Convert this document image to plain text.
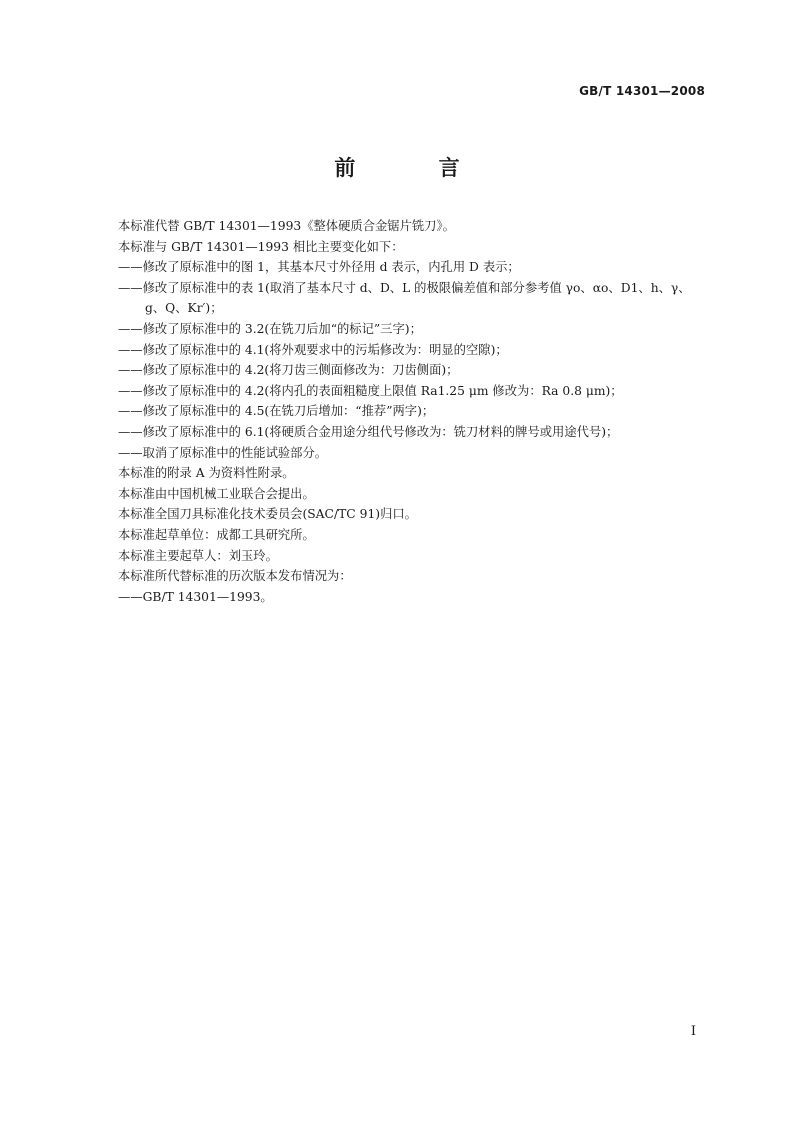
GB/T 14301—2008
前 言

本标准代替 GB/T 14301—1993《整体硬质合金锯片铣刀》。

本标准与 GB/T 14301—1993 相比主要变化如下：

——修改了原标准中的图 1，其基本尺寸外径用 d 表示，内孔用 D 表示；

——修改了原标准中的表 1(取消了基本尺寸 d、D、L 的极限偏差值和部分参考值 γo、αo、D1、h、γ、

g、Q、Kr′)；

——修改了原标准中的 3.2(在铣刀后加“的标记”三字)；

——修改了原标准中的 4.1(将外观要求中的污垢修改为：明显的空隙)；

——修改了原标准中的 4.2(将刀齿三侧面修改为：刀齿侧面)；

——修改了原标准中的 4.2(将内孔的表面粗糙度上限值 Ra1.25 μm 修改为：Ra 0.8 μm)；

——修改了原标准中的 4.5(在铣刀后增加：“推荐”两字)；

——修改了原标准中的 6.1(将硬质合金用途分组代号修改为：铣刀材料的牌号或用途代号)；

——取消了原标准中的性能试验部分。

本标准的附录 A 为资料性附录。

本标准由中国机械工业联合会提出。

本标准全国刀具标准化技术委员会(SAC/TC 91)归口。

本标准起草单位：成都工具研究所。

本标准主要起草人：刘玉玲。

本标准所代替标准的历次版本发布情况为：

——GB/T 14301—1993。

I
